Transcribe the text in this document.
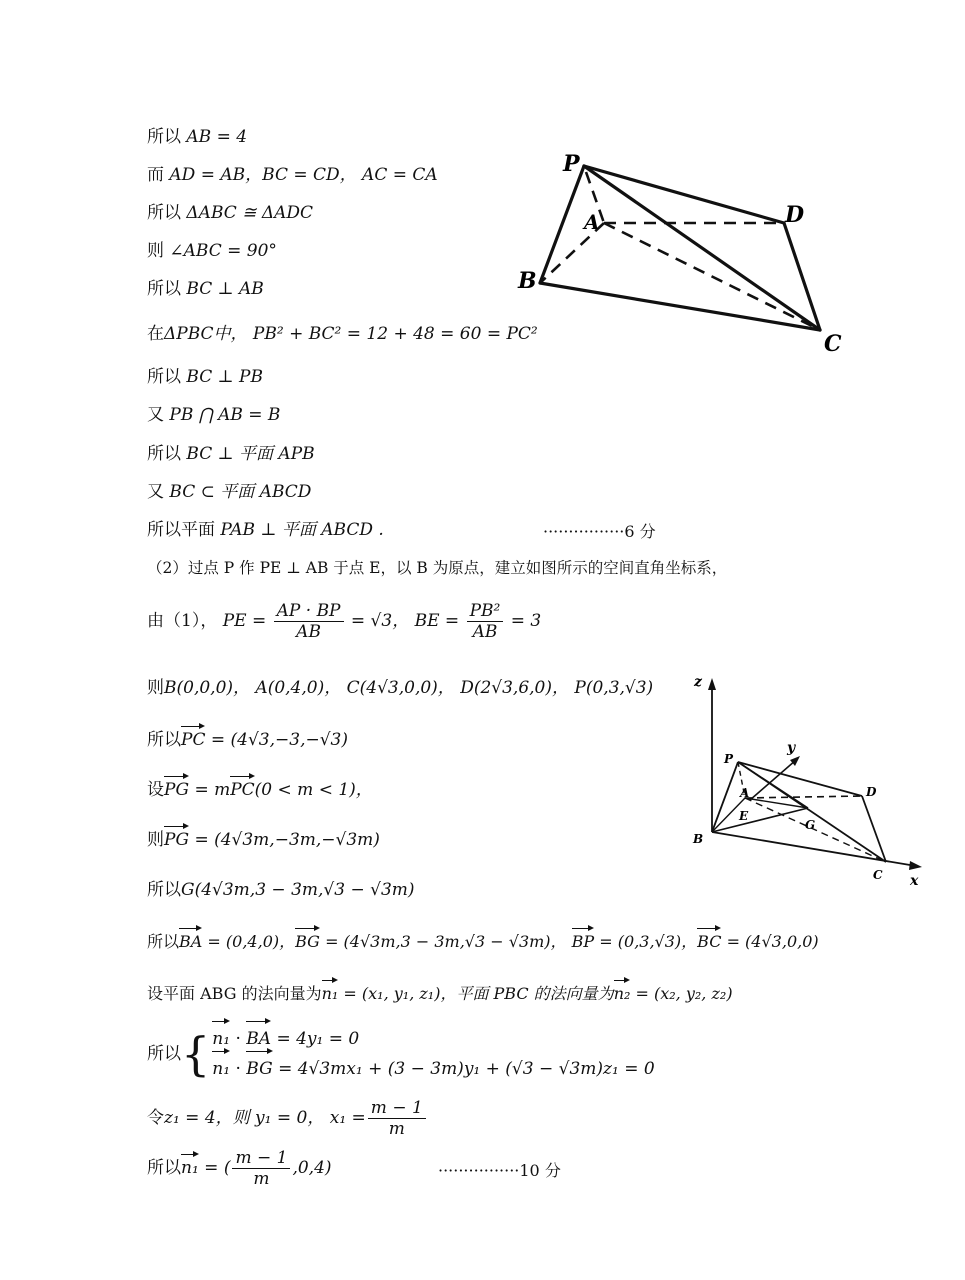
所以 AB = 4
而 AD = AB，BC = CD， AC = CA
所以 ΔABC ≅ ΔADC
则 ∠ABC = 90°
所以 BC ⊥ AB
在ΔPBC中， PB² + BC² = 12 + 48 = 60 = PC²
所以 BC ⊥ PB
又 PB ⋂ AB = B
所以 BC ⊥ 平面 APB
又 BC ⊂ 平面 ABCD
所以平面 PAB ⊥ 平面 ABCD .	················6 分
（2）过点 P 作 PE ⊥ AB 于点 E，以 B 为原点，建立如图所示的空间直角坐标系，
由（1）， PE = $\frac{AP \cdot BP}{AB} = √3$， BE = $\frac{\text{PB²}}{AB} = 3$
则B(0,0,0)， A(0,4,0)， C(4√3,0,0)， D(2√3,6,0)， P(0,3,√3)
所以PC = (4√3,−3,−√3)
设PG = mPC(0 < m < 1)，
则PG = (4√3m,−3m,−√3m)
所以G(4√3m,3 − 3m,√3 − √3m)
所以BA = (0,4,0)，BG = (4√3m,3 − 3m,√3 − √3m)， BP = (0,3,√3)，BC = (4√3,0,0)
设平面 ABG 的法向量为n₁ = (x₁, y₁, z₁)，平面 PBC 的法向量为n₂ = (x₂, y₂, z₂)
所以{ n₁ · BA = 4y₁ = 0
n₁ · BG = 4√3mx₁ + (3 − 3m)y₁ + (√3 − √3m)z₁ = 0
令z₁ = 4，则 y₁ = 0， $x_1 = \frac{m - 1}{m}$
所以n₁ = ( $\frac{m - 1}{m} ,0,4$)	················10 分
P
A	D
B
C
z
y
x
P
A
E
B
G
D
C
